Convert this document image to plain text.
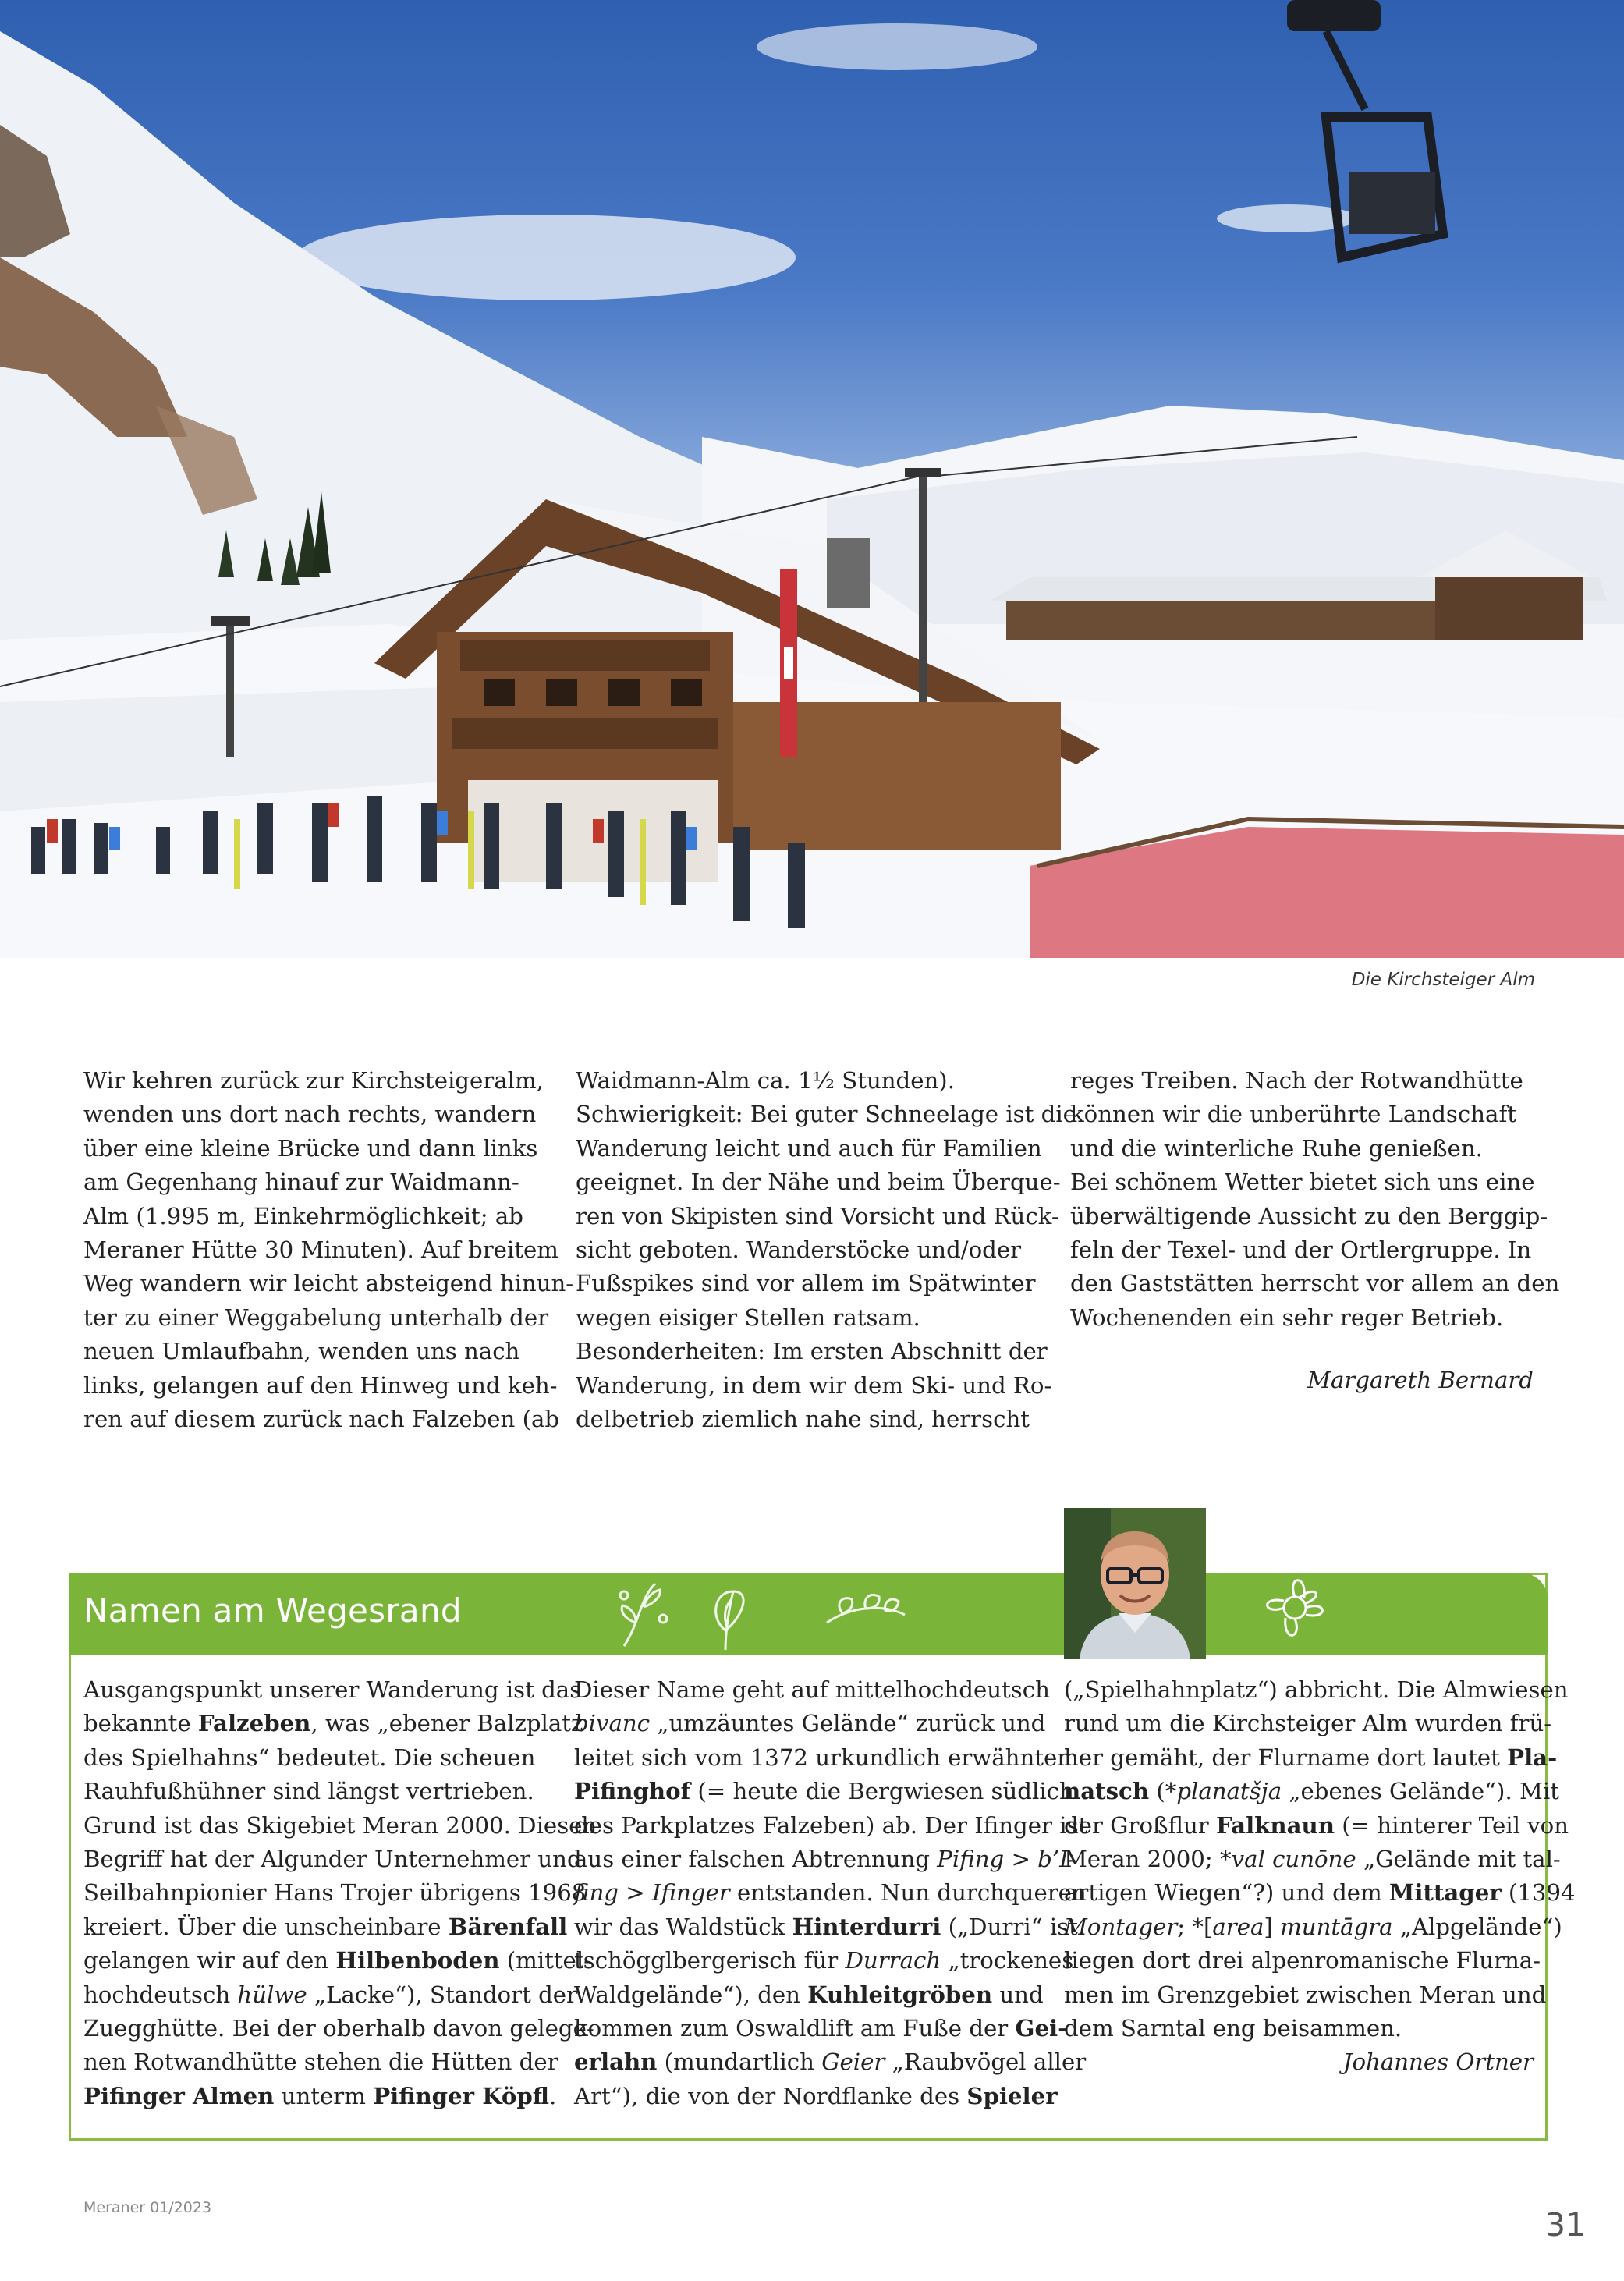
Die Kirchsteiger Alm
Wir kehren zurück zur Kirchsteigeralm,
wenden uns dort nach rechts, wandern
über eine kleine Brücke und dann links
am Gegenhang hinauf zur Waidmann-
Alm (1.995 m, Einkehrmöglichkeit; ab
Meraner Hütte 30 Minuten). Auf breitem
Weg wandern wir leicht absteigend hinun-
ter zu einer Weggabelung unterhalb der
neuen Umlaufbahn, wenden uns nach
links, gelangen auf den Hinweg und keh-
ren auf diesem zurück nach Falzeben (ab
Waidmann-Alm ca. 1½ Stunden).
Schwierigkeit: Bei guter Schneelage ist die
Wanderung leicht und auch für Familien
geeignet. In der Nähe und beim Überque-
ren von Skipisten sind Vorsicht und Rück-
sicht geboten. Wanderstöcke und/oder
Fußspikes sind vor allem im Spätwinter
wegen eisiger Stellen ratsam.
Besonderheiten: Im ersten Abschnitt der
Wanderung, in dem wir dem Ski- und Ro-
delbetrieb ziemlich nahe sind, herrscht
reges Treiben. Nach der Rotwandhütte
können wir die unberührte Landschaft
und die winterliche Ruhe genießen.
Bei schönem Wetter bietet sich uns eine
überwältigende Aussicht zu den Berggip-
feln der Texel- und der Ortlergruppe. In
den Gaststätten herrscht vor allem an den
Wochenenden ein sehr reger Betrieb.
Margareth Bernard
Namen am Wegesrand
Ausgangspunkt unserer Wanderung ist das
bekannte Falzeben, was „ebener Balzplatz
des Spielhahns“ bedeutet. Die scheuen
Rauhfußhühner sind längst vertrieben.
Grund ist das Skigebiet Meran 2000. Diesen
Begriff hat der Algunder Unternehmer und
Seilbahnpionier Hans Trojer übrigens 1968
kreiert. Über die unscheinbare Bärenfall
gelangen wir auf den Hilbenboden (mittel-
hochdeutsch hülwe „Lacke“), Standort der
Zuegghütte. Bei der oberhalb davon gelege-
nen Rotwandhütte stehen die Hütten der
Pifinger Almen unterm Pifinger Köpfl.
Dieser Name geht auf mittelhochdeutsch
bivanc „umzäuntes Gelände“ zurück und
leitet sich vom 1372 urkundlich erwähnten
Pifinghof (= heute die Bergwiesen südlich
des Parkplatzes Falzeben) ab. Der Ifinger ist
aus einer falschen Abtrennung Pifing > b’I-
fing > Ifinger entstanden. Nun durchqueren
wir das Waldstück Hinterdurri („Durri“ ist
tschögglbergerisch für Durrach „trockenes
Waldgelände“), den Kuhleitgröben und
kommen zum Oswaldlift am Fuße der Gei-
erlahn (mundartlich Geier „Raubvögel aller
Art“), die von der Nordflanke des Spieler
(„Spielhahnplatz“) abbricht. Die Almwiesen
rund um die Kirchsteiger Alm wurden frü-
her gemäht, der Flurname dort lautet Pla-
natsch (*planatšja „ebenes Gelände“). Mit
der Großflur Falknaun (= hinterer Teil von
Meran 2000; *val cunōne „Gelände mit tal-
artigen Wiegen“?) und dem Mittager (1394
Montager; *[area] muntāgra „Alpgelände“)
liegen dort drei alpenromanische Flurna-
men im Grenzgebiet zwischen Meran und
dem Sarntal eng beisammen.
Johannes Ortner
Meraner 01/2023	31
